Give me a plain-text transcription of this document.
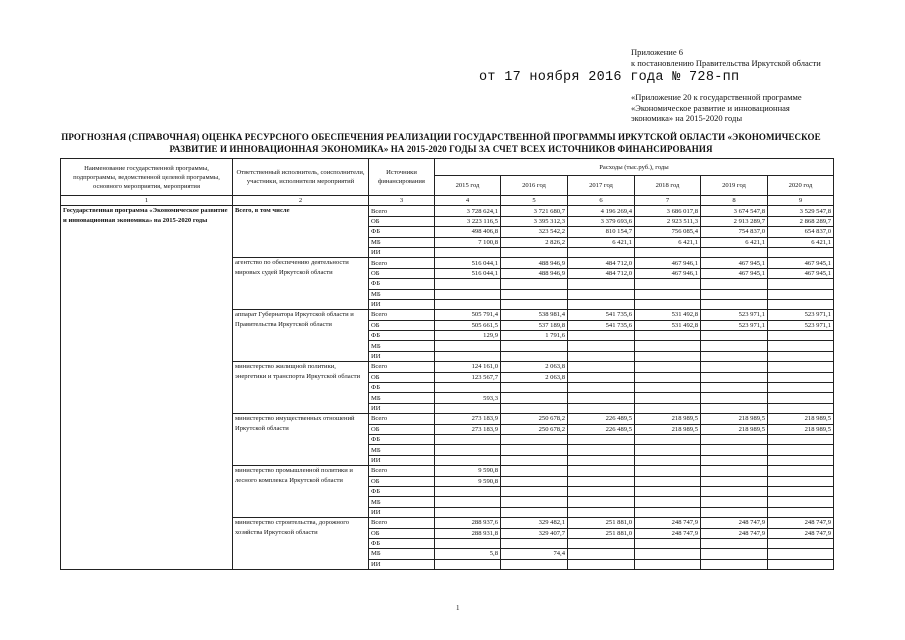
Приложение 6
к постановлению Правительства Иркутской области
от 17 ноября 2016 года № 728-пп
«Приложение 20 к государственной программе
«Экономическое развитие и инновационная
экономика» на 2015-2020 годы
ПРОГНОЗНАЯ (СПРАВОЧНАЯ) ОЦЕНКА РЕСУРСНОГО ОБЕСПЕЧЕНИЯ РЕАЛИЗАЦИИ ГОСУДАРСТВЕННОЙ ПРОГРАММЫ ИРКУТСКОЙ ОБЛАСТИ «ЭКОНОМИЧЕСКОЕ
РАЗВИТИЕ И ИННОВАЦИОННАЯ ЭКОНОМИКА» НА 2015-2020 ГОДЫ ЗА СЧЕТ ВСЕХ ИСТОЧНИКОВ ФИНАНСИРОВАНИЯ
Наименование государственной программы, подпрограммы, ведомственной целевой программы, основного мероприятия, мероприятия	Ответственный исполнитель, соисполнители, участники, исполнители мероприятий	Источники финансирования	Расходы (тыс.руб.), годы					
			2015 год	2016 год	2017 год	2018 год	2019 год	2020 год
1	2	3	4	5	6	7	8	9
Государственная программа «Экономическое развитие и инновационная экономика» на 2015-2020 годы	Всего, в том числе	Всего	3 728 624,1	3 721 680,7	4 196 269,4	3 686 017,8	3 674 547,8	3 529 547,8
		ОБ	3 223 116,5	3 395 312,3	3 379 693,6	2 923 511,3	2 913 289,7	2 868 289,7
		ФБ	498 406,8	323 542,2	810 154,7	756 085,4	754 837,0	654 837,0
		МБ	7 100,8	2 826,2	6 421,1	6 421,1	6 421,1	6 421,1
		ИИ						
	агентство по обеспечению деятельности мировых судей Иркутской области	Всего	516 044,1	488 946,9	484 712,0	467 946,1	467 945,1	467 945,1
		ОБ	516 044,1	488 946,9	484 712,0	467 946,1	467 945,1	467 945,1
		ФБ						
		МБ						
		ИИ						
	аппарат Губернатора Иркутской области и Правительства Иркутской области	Всего	505 791,4	538 981,4	541 735,6	531 492,8	523 971,1	523 971,1
		ОБ	505 661,5	537 189,8	541 735,6	531 492,8	523 971,1	523 971,1
		ФБ	129,9	1 791,6				
		МБ						
		ИИ						
	министерство жилищной политики, энергетики и транспорта Иркутской области	Всего	124 161,0	2 063,8				
		ОБ	123 567,7	2 063,8				
		ФБ						
		МБ	593,3					
		ИИ						
	министерство имущественных отношений Иркутской области	Всего	273 183,9	250 678,2	226 489,5	218 989,5	218 989,5	218 989,5
		ОБ	273 183,9	250 678,2	226 489,5	218 989,5	218 989,5	218 989,5
		ФБ						
		МБ						
		ИИ						
	министерство промышленной политики и лесного комплекса Иркутской области	Всего	9 590,8					
		ОБ	9 590,8					
		ФБ						
		МБ						
		ИИ						
	министерство строительства, дорожного хозяйства Иркутской области	Всего	288 937,6	329 482,1	251 881,0	248 747,9	248 747,9	248 747,9
		ОБ	288 931,8	329 407,7	251 881,0	248 747,9	248 747,9	248 747,9
		ФБ						
		МБ	5,8	74,4				
		ИИ						
1
